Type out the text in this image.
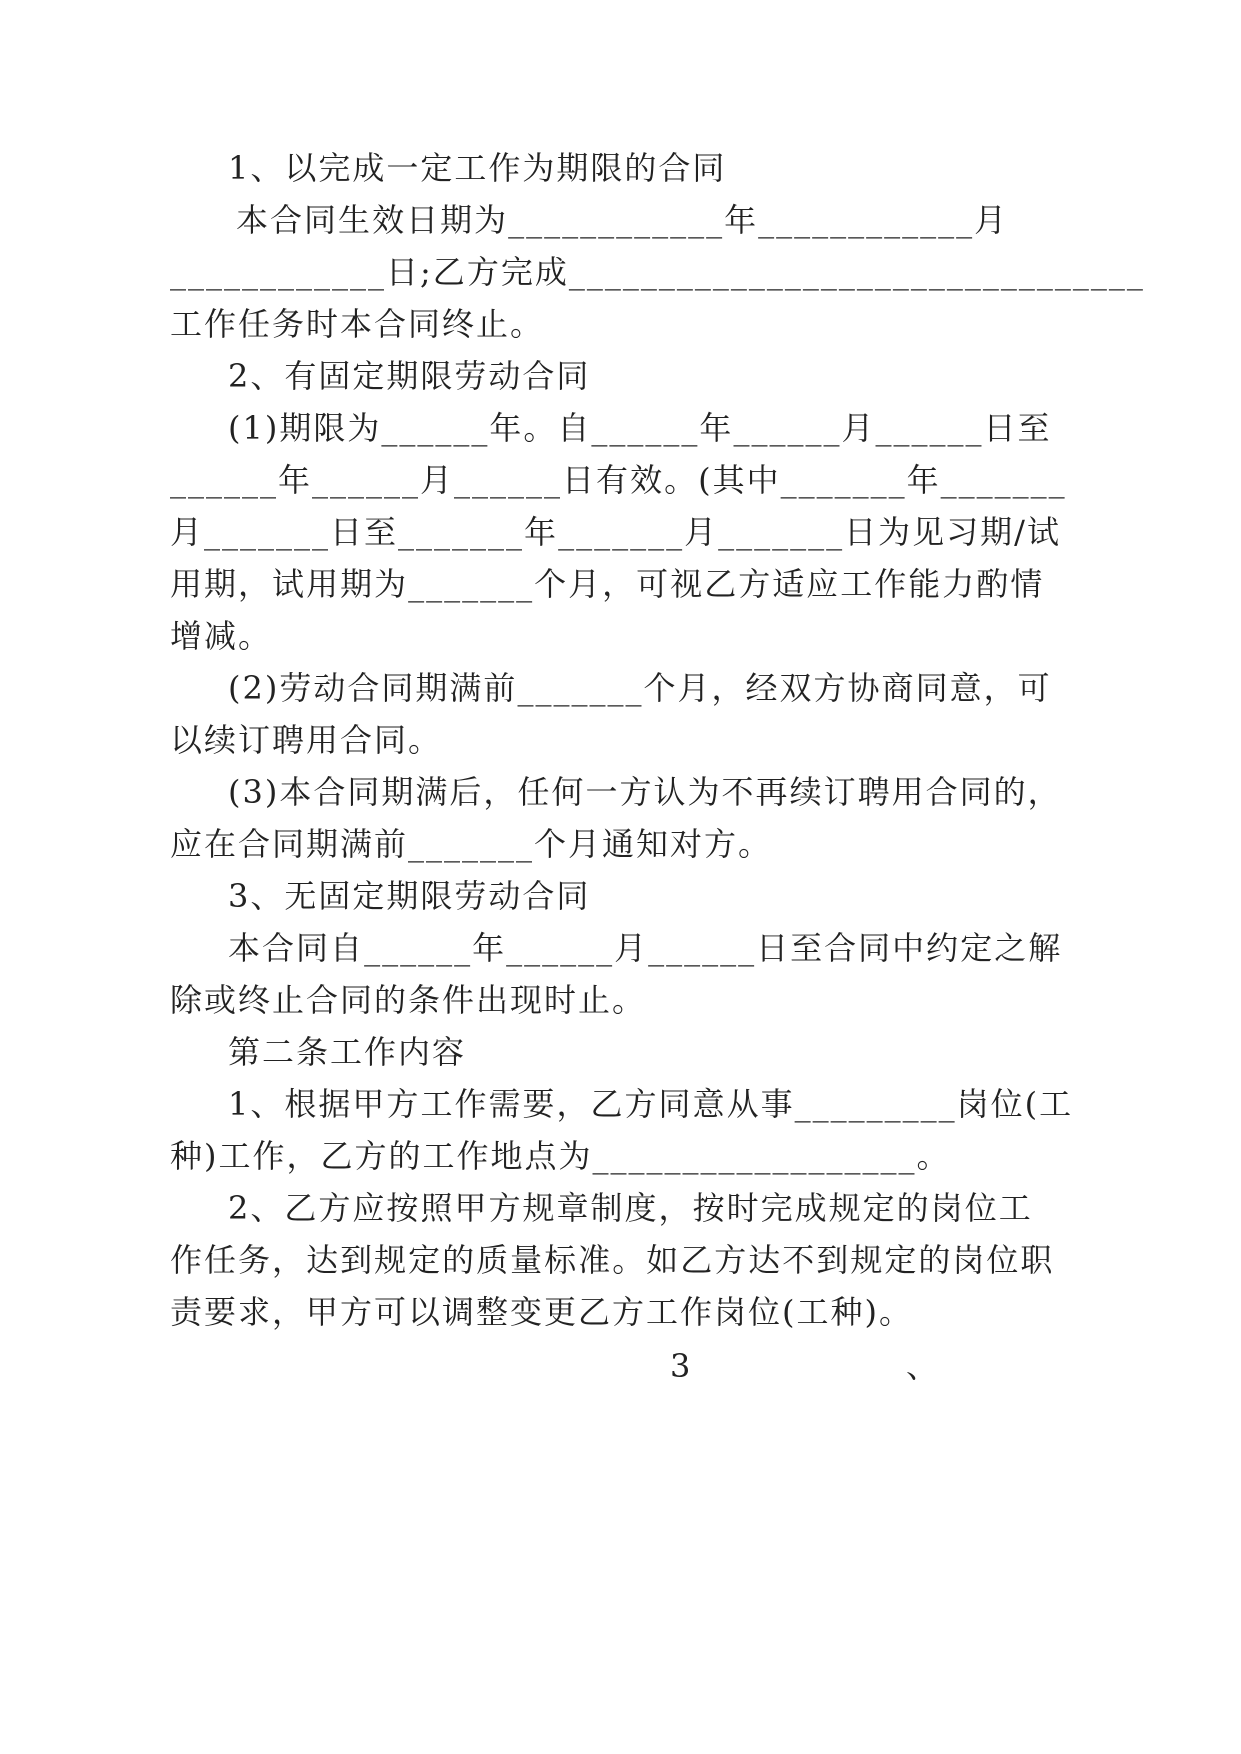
1、以完成一定工作为期限的合同
本 合 同 生 效 日 期 为 ____________ 年 ____________ 月
____________ 日 ; 乙 方 完 成 ________________________________
工作任务时本合同终止。
2、有固定期限劳动合同
( 1 ) 期 限 为 ______ 年 。 自 ______ 年 ______ 月 ______ 日 至
______ 年 ______ 月 ______ 日 有 效 。 ( 其 中 _______ 年 _______
月 _______ 日 至 _______ 年 _______ 月 _______ 日 为 见 习 期 / 试
用 期 ， 试 用 期 为 _______ 个 月 ， 可 视 乙 方 适 应 工 作 能 力 酌 情
增减。
( 2 ) 劳 动 合 同 期 满 前 _______ 个 月 ， 经 双 方 协 商 同 意 ， 可
以续订聘用合同。
( 3 ) 本 合 同 期 满 后 ， 任 何 一 方 认 为 不 再 续 订 聘 用 合 同 的 ，
应在合同期满前_______个月通知对方。
3、无固定期限劳动合同
本 合 同 自 ______ 年 ______ 月 ______ 日 至 合 同 中 约 定 之 解
除或终止合同的条件出现时止。
第二条工作内容
1 、 根 据 甲 方 工 作 需 要 ， 乙 方 同 意 从 事 _________ 岗 位 ( 工
种)工作，乙方的工作地点为__________________。
2 、 乙 方 应 按 照 甲 方 规 章 制 度 ， 按 时 完 成 规 定 的 岗 位 工
作 任 务 ， 达 到 规 定 的 质 量 标 准 。 如 乙 方 达 不 到 规 定 的 岗 位 职
责要求，甲方可以调整变更乙方工作岗位(工种)。
3	、
